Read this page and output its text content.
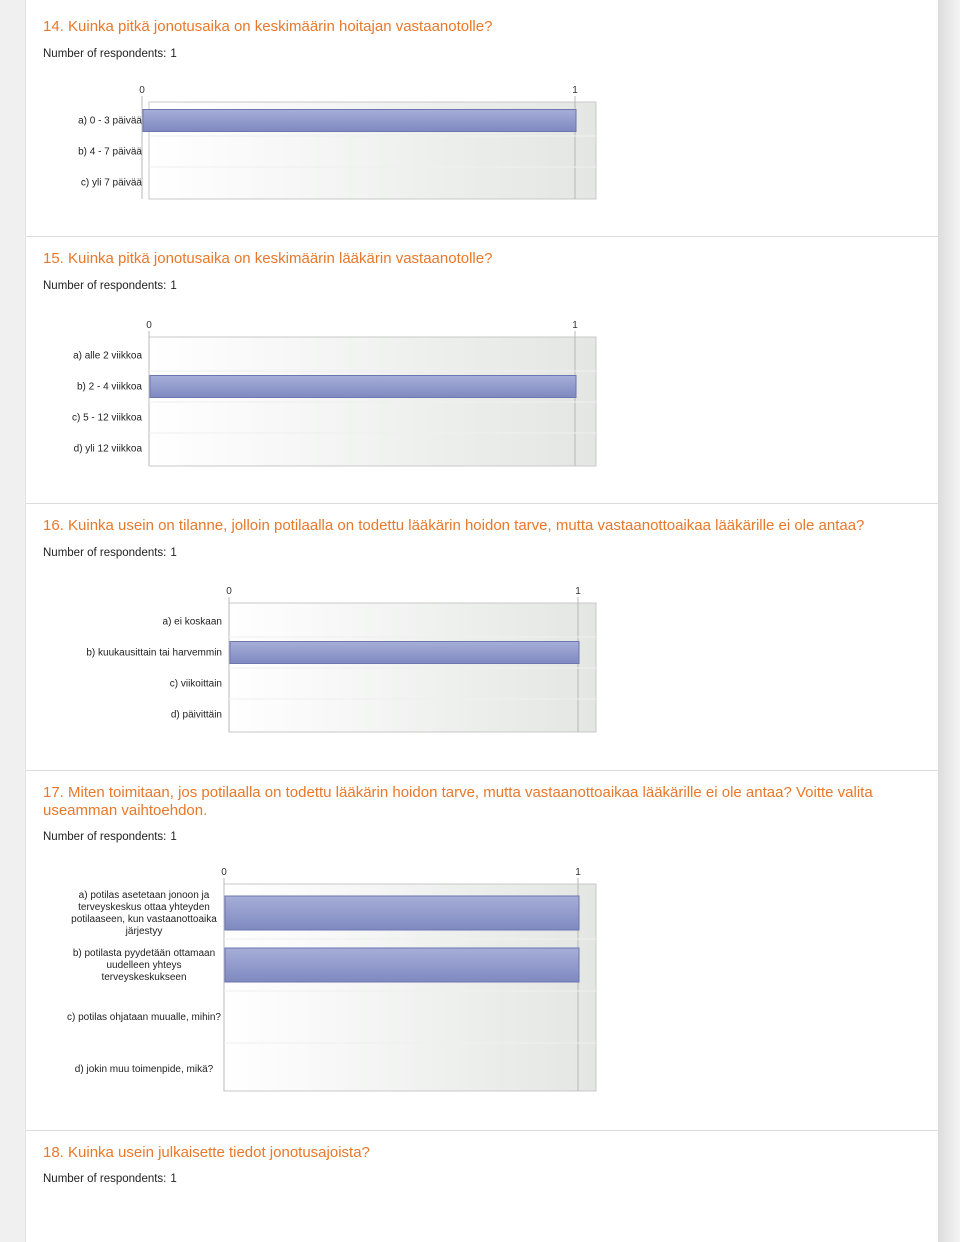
14. Kuinka pitkä jonotusaika on keskimäärin hoitajan vastaanotolle?
Number of respondents: 1
0	1
a) 0 - 3 päivää
b) 4 - 7 päivää
c) yli 7 päivää
15. Kuinka pitkä jonotusaika on keskimäärin lääkärin vastaanotolle?
Number of respondents: 1
0	1
a) alle 2 viikkoa
b) 2 - 4 viikkoa
c) 5 - 12 viikkoa
d) yli 12 viikkoa
16. Kuinka usein on tilanne, jolloin potilaalla on todettu lääkärin hoidon tarve, mutta vastaanottoaikaa lääkärille ei ole antaa?
Number of respondents: 1
0	1
a) ei koskaan
b) kuukausittain tai harvemmin
c) viikoittain
d) päivittäin
17. Miten toimitaan, jos potilaalla on todettu lääkärin hoidon tarve, mutta vastaanottoaikaa lääkärille ei ole antaa? Voitte valita useamman vaihtoehdon.
Number of respondents: 1
0	1
a) potilas asetetaan jonoon ja
terveyskeskus ottaa yhteyden
potilaaseen, kun vastaanottoaika
järjestyy
b) potilasta pyydetään ottamaan
uudelleen yhteys
terveyskeskukseen
c) potilas ohjataan muualle, mihin?
d) jokin muu toimenpide, mikä?
18. Kuinka usein julkaisette tiedot jonotusajoista?
Number of respondents: 1
